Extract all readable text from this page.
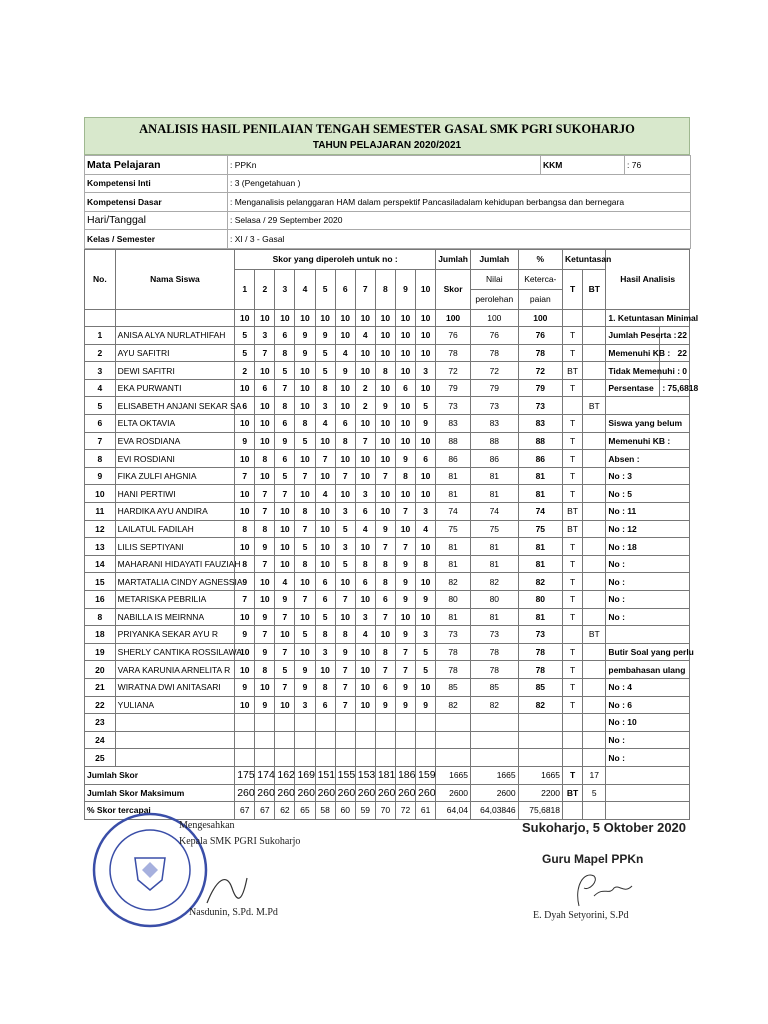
ANALISIS HASIL PENILAIAN TENGAH SEMESTER GASAL SMK PGRI SUKOHARJO
TAHUN PELAJARAN 2020/2021
Mata Pelajaran	: PPKn	KKM	: 76
Kompetensi Inti	: 3 (Pengetahuan )		
Kompetensi Dasar	: Menganalisis pelanggaran HAM dalam perspektif Pancasiladalam kehidupan berbangsa dan bernegara		
Hari/Tanggal	: Selasa / 29 September 2020		
Kelas / Semester	: XI / 3 - Gasal		
No.	Nama Siswa	Skor yang diperoleh untuk no :										Jumlah	Jumlah	%	Ketuntasan		Hasil Analisis	
		1	2	3	4	5	6	7	8	9	10	Skor	Nilai	Keterca-	T	BT		
													perolehan	paian				
		10	10	10	10	10	10	10	10	10	10	100	100	100			1. Ketuntasan Minimal	
1	ANISA ALYA NURLATHIFAH	5	3	6	9	9	10	4	10	10	10	76	76	76	T		Jumlah Peserta :	22
2	AYU SAFITRI	5	7	8	9	5	4	10	10	10	10	78	78	78	T		Memenuhi KB :	22
3	DEWI SAFITRI	2	10	5	10	5	9	10	8	10	3	72	72	72	BT		Tidak Memenuhi :	0
4	EKA PURWANTI	10	6	7	10	8	10	2	10	6	10	79	79	79	T		Persentase	: 75,6818
5	ELISABETH ANJANI SEKAR SA	6	10	8	10	3	10	2	9	10	5	73	73	73		BT		
6	ELTA OKTAVIA	10	10	6	8	4	6	10	10	10	9	83	83	83	T		Siswa yang belum	
7	EVA ROSDIANA	9	10	9	5	10	8	7	10	10	10	88	88	88	T		Memenuhi KB :	
8	EVI ROSDIANI	10	8	6	10	7	10	10	10	9	6	86	86	86	T		Absen :	
9	FIKA ZULFI AHGNIA	7	10	5	7	10	7	10	7	8	10	81	81	81	T		No : 3	
10	HANI PERTIWI	10	7	7	10	4	10	3	10	10	10	81	81	81	T		No : 5	
11	HARDIKA AYU ANDIRA	10	7	10	8	10	3	6	10	7	3	74	74	74	BT		No : 11	
12	LAILATUL FADILAH	8	8	10	7	10	5	4	9	10	4	75	75	75	BT		No : 12	
13	LILIS SEPTIYANI	10	9	10	5	10	3	10	7	7	10	81	81	81	T		No : 18	
14	MAHARANI HIDAYATI FAUZIAH	8	7	10	8	10	5	8	8	9	8	81	81	81	T		No :	
15	MARTATALIA CINDY AGNESSIA	9	10	4	10	6	10	6	8	9	10	82	82	82	T		No :	
16	METARISKA PEBRILIA	7	10	9	7	6	7	10	6	9	9	80	80	80	T		No :	
8	NABILLA IS MEIRNNA	10	9	7	10	5	10	3	7	10	10	81	81	81	T		No :	
18	PRIYANKA SEKAR AYU R	9	7	10	5	8	8	4	10	9	3	73	73	73		BT		
19	SHERLY CANTIKA ROSSILAWA	10	9	7	10	3	9	10	8	7	5	78	78	78	T		Butir Soal yang perlu	
20	VARA KARUNIA ARNELITA R	10	8	5	9	10	7	10	7	7	5	78	78	78	T		pembahasan ulang	
21	WIRATNA DWI ANITASARI	9	10	7	9	8	7	10	6	9	10	85	85	85	T		No : 4	
22	YULIANA	10	9	10	3	6	7	10	9	9	9	82	82	82	T		No : 6	
23																	No : 10	
24																	No :	
25																	No :	
Jumlah Skor		175	174	162	169	151	155	153	181	186	159	1665	1665	1665	T	17		
Jumlah Skor Maksimum		260	260	260	260	260	260	260	260	260	260	2600	2600	2200	BT	5		
% Skor tercapai		67	67	62	65	58	60	59	70	72	61	64,04	64,03846	75,6818				
Mengesahkan
Kepala SMK PGRI Sukoharjo
Nasdunin, S.Pd. M.Pd
Sukoharjo, 5 Oktober 2020
Guru Mapel PPKn
E. Dyah Setyorini, S.Pd
